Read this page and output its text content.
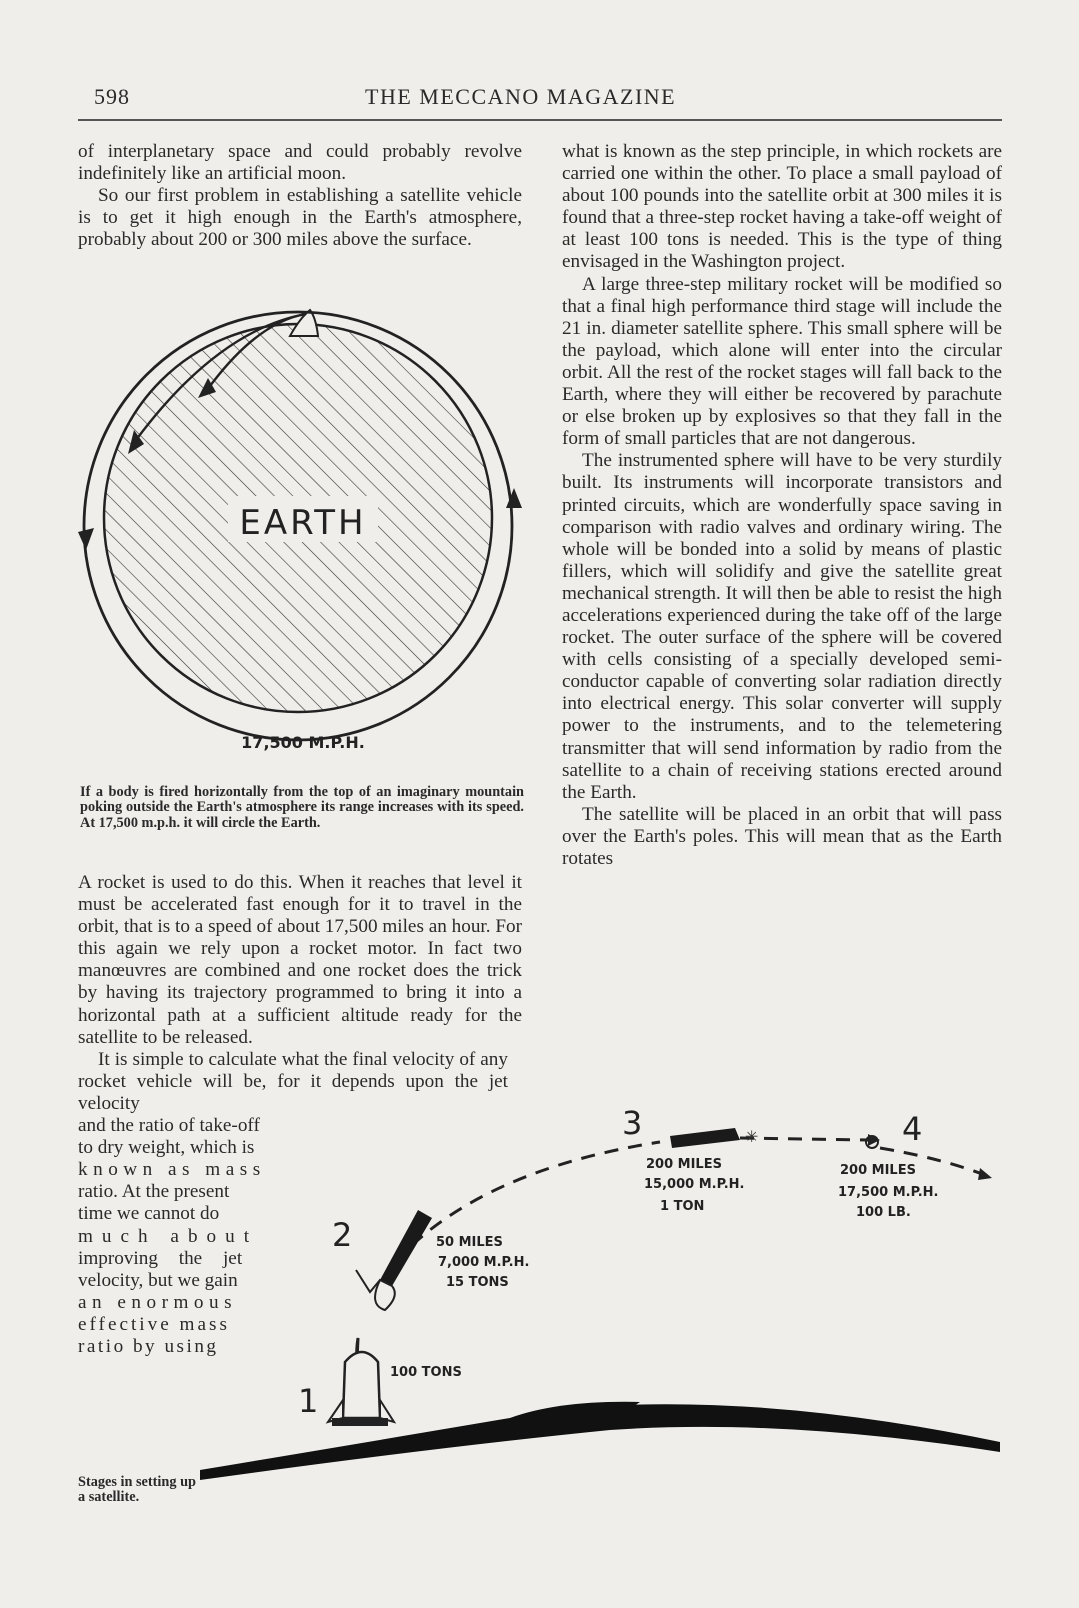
598	THE MECCANO MAGAZINE

of interplanetary space and could probably revolve indefinitely like an artificial moon.

So our first problem in establishing a satellite vehicle is to get it high enough in the Earth's atmosphere, probably about 200 or 300 miles above the surface.

EARTH
17,500 M.P.H.
If a body is fired horizontally from the top of an imaginary mountain poking outside the Earth's atmosphere its range increases with its speed. At 17,500 m.p.h. it will circle the Earth.

A rocket is used to do this. When it reaches that level it must be accelerated fast enough for it to travel in the orbit, that is to a speed of about 17,500 miles an hour. For this again we rely upon a rocket motor. In fact two manœuvres are combined and one rocket does the trick by having its trajectory programmed to bring it into a horizontal path at a sufficient altitude ready for the satellite to be released.

It is simple to calculate what the final velocity of any rocket vehicle will be, for it depends upon the jet velocity

and the ratio of take-off
to dry weight, which is
known as mass
ratio. At the present
time we cannot do
much about
improving the jet
velocity, but we gain
an enormous
effective mass
ratio by using

what is known as the step principle, in which rockets are carried one within the other. To place a small payload of about 100 pounds into the satellite orbit at 300 miles it is found that a three-step rocket having a take-off weight of at least 100 tons is needed. This is the type of thing envisaged in the Washington project.

A large three-step military rocket will be modified so that a final high performance third stage will include the 21 in. diameter satellite sphere. This small sphere will be the payload, which alone will enter into the circular orbit. All the rest of the rocket stages will fall back to the Earth, where they will either be recovered by parachute or else broken up by explosives so that they fall in the form of small particles that are not dangerous.

The instrumented sphere will have to be very sturdily built. Its instruments will incorporate transistors and printed circuits, which are wonderfully space saving in comparison with radio valves and ordinary wiring. The whole will be bonded into a solid by means of plastic fillers, which will solidify and give the satellite great mechanical strength. It will then be able to resist the high accelerations experienced during the take off of the large rocket. The outer surface of the sphere will be covered with cells consisting of a specially developed semi-conductor capable of converting solar radiation directly into electrical energy. This solar converter will supply power to the instruments, and to the telemetering transmitter that will send information by radio from the satellite to a chain of receiving stations erected around the Earth.

The satellite will be placed in an orbit that will pass over the Earth's poles. This will mean that as the Earth rotates

✳
1
100 TONS
2	50 MILES
7,000 M.P.H.
15 TONS
3
200 MILES
15,000 M.P.H.
1 TON
4
200 MILES
17,500 M.P.H.
100 LB.
Stages in setting up a satellite.
